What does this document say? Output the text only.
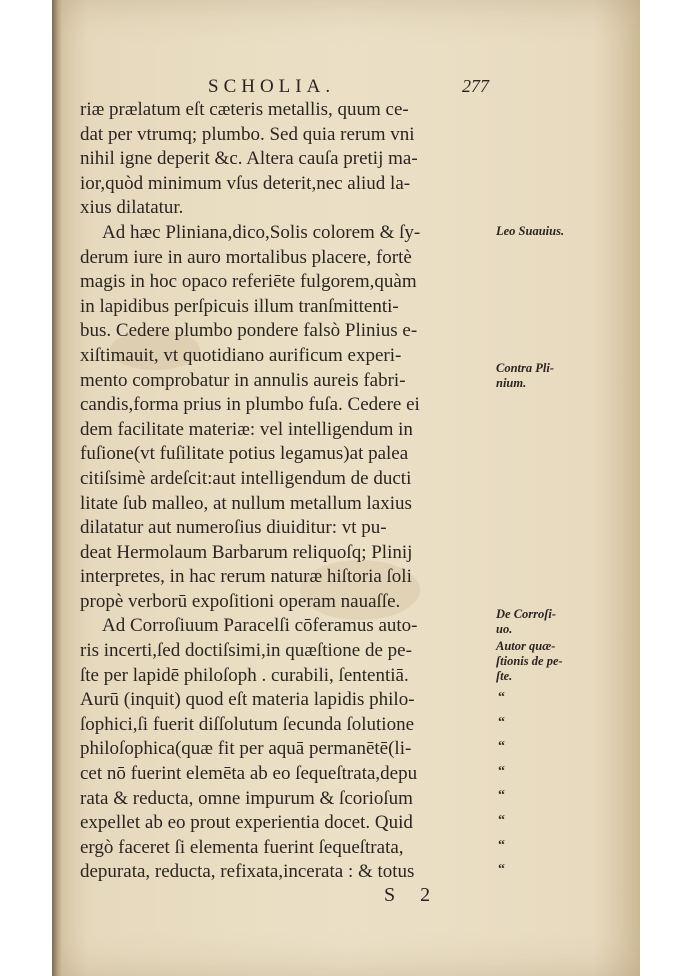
SCHOLIA.	277
riæ prælatum eſt cæteris metallis, quum ce-
dat per vtrumq; plumbo. Sed quia rerum vni
nihil igne deperit &c. Altera cauſa pretij ma-
ior,quòd minimum vſus deterit,nec aliud la-
xius dilatatur.
Ad hæc Pliniana,dico,Solis colorem & ſy-
derum iure in auro mortalibus placere, fortè
magis in hoc opaco referiēte fulgorem,quàm
in lapidibus perſpicuis illum tranſmittenti-
bus. Cedere plumbo pondere falsò Plinius e-
xiſtimauit, vt quotidiano aurificum experi-
mento comprobatur in annulis aureis fabri-
candis,forma prius in plumbo fuſa. Cedere ei
dem facilitate materiæ: vel intelligendum in
fuſione(vt fuſilitate potius legamus)at palea
citiſsimè ardeſcit:aut intelligendum de ducti
litate ſub malleo, at nullum metallum laxius
dilatatur aut numeroſius diuiditur: vt pu-
deat Hermolaum Barbarum reliquoſq; Plinij
interpretes, in hac rerum naturæ hiſtoria ſoli
propè verborū expoſitioni operam nauaſſe.
Ad Corroſiuum Paracelſi cōferamus auto-
ris incerti,ſed doctiſsimi,in quæſtione de pe-
ſte per lapidē philoſoph . curabili, ſententiā.
Aurū (inquit) quod eſt materia lapidis philo-
ſophici,ſi fuerit diſſolutum ſecunda ſolutione
philoſophica(quæ fit per aquā permanētē(li-
cet nō fuerint elemēta ab eo ſequeſtrata,depu
rata & reducta, omne impurum & ſcorioſum
expellet ab eo prout experientia docet. Quid
ergò faceret ſi elementa fuerint ſequeſtrata,
depurata, reducta, refixata,incerata : & totus
Leo Suauius.

Contra Pli-
nium.

De Corroſi-
uo.

Autor quæ-
ſtionis de pe-
ſte.

“
“
“
“
“
“
“
“
S 2
